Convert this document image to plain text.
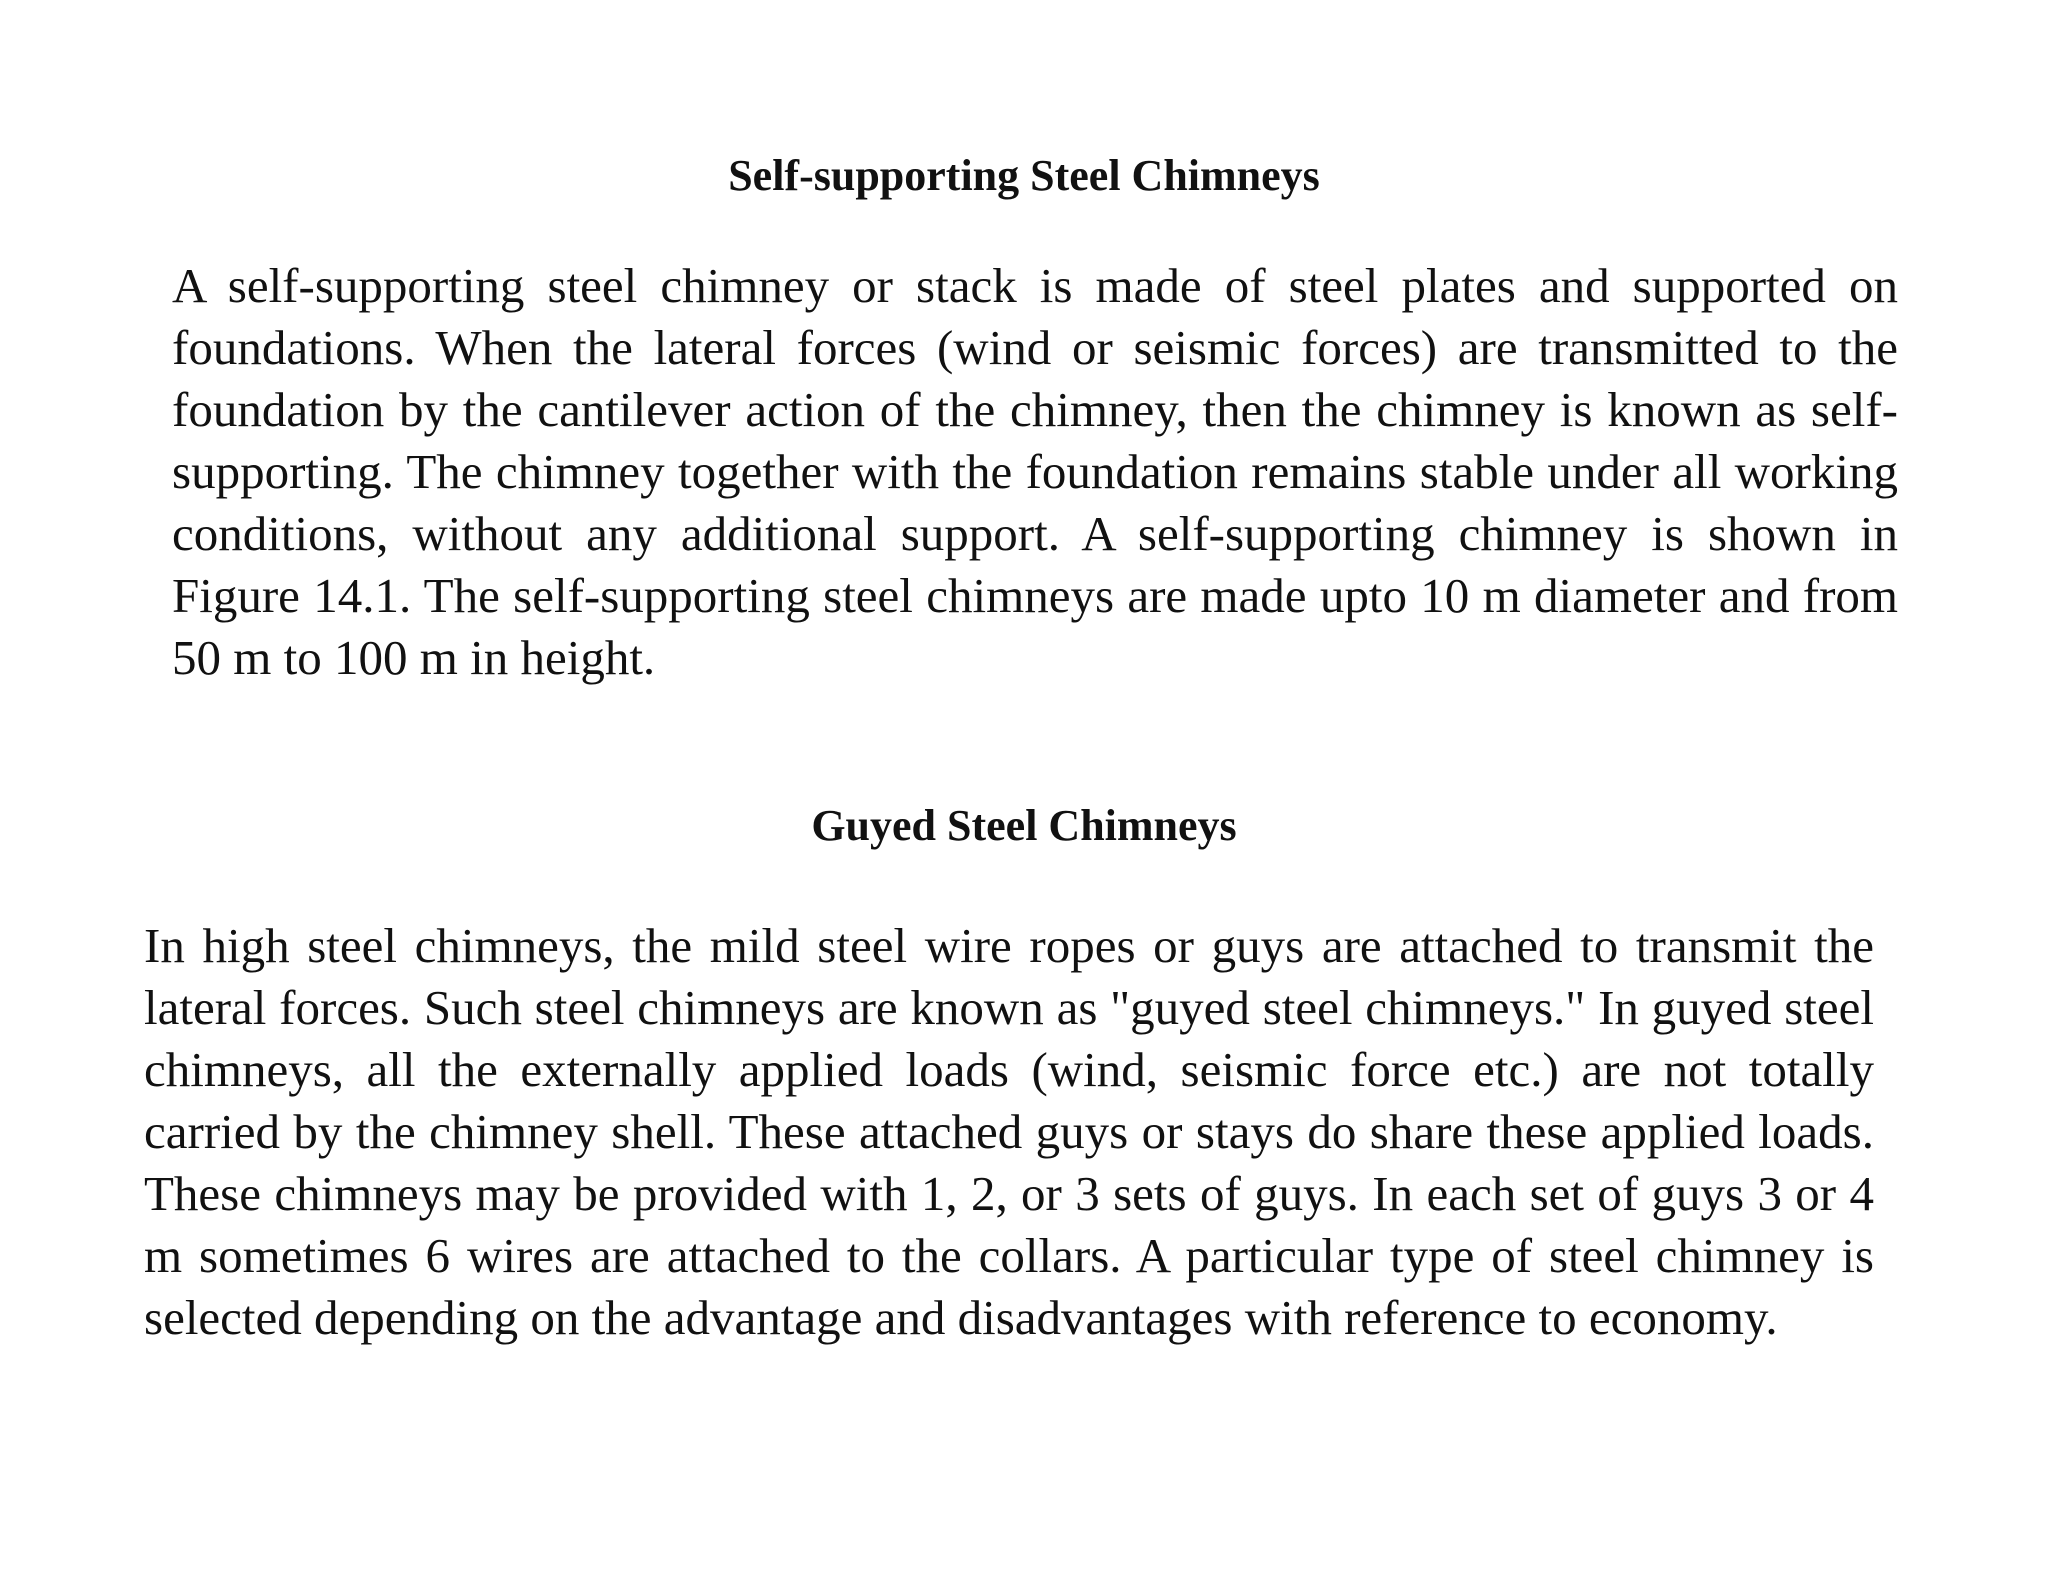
Self-supporting Steel Chimneys

A self-supporting steel chimney or stack is made of steel plates and supported on foundations. When the lateral forces (wind or seismic forces) are transmitted to the foundation by the cantilever action of the chimney, then the chimney is known as self-supporting. The chimney together with the foundation remains stable under all working conditions, without any additional support. A self-supporting chimney is shown in Figure 14.1. The self-supporting steel chimneys are made upto 10 m diameter and from 50 m to 100 m in height.

Guyed Steel Chimneys

In high steel chimneys, the mild steel wire ropes or guys are attached to transmit the lateral forces. Such steel chimneys are known as "guyed steel chimneys." In guyed steel chimneys, all the externally applied loads (wind, seismic force etc.) are not totally carried by the chimney shell. These attached guys or stays do share these applied loads. These chimneys may be provided with 1, 2, or 3 sets of guys. In each set of guys 3 or 4 m sometimes 6 wires are attached to the collars. A particular type of steel chimney is selected depending on the advantage and disadvantages with reference to economy.
